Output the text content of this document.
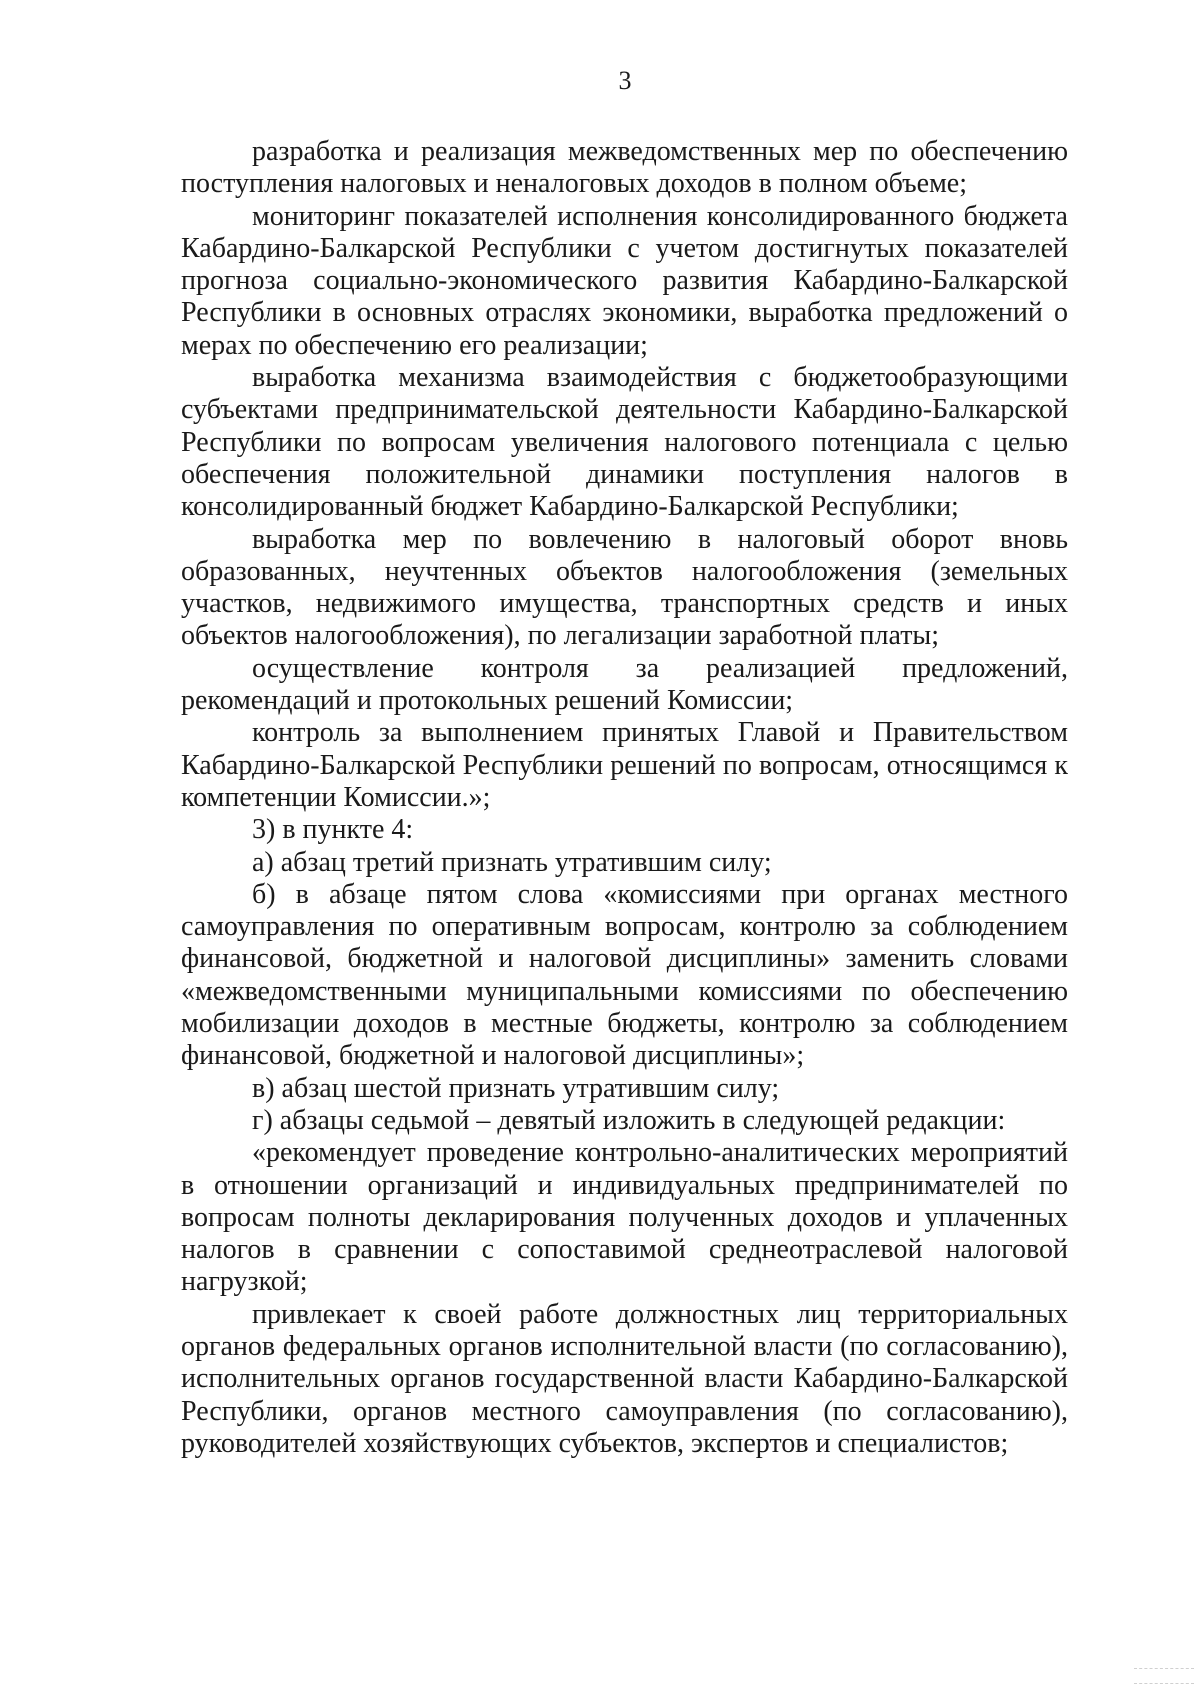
3

разработка и реализация межведомственных мер по обеспечению поступления налоговых и неналоговых доходов в полном объеме;

мониторинг показателей исполнения консолидированного бюджета Кабардино-Балкарской Республики с учетом достигнутых показателей прогноза социально-экономического развития Кабардино-Балкарской Республики в основных отраслях экономики, выработка предложений о мерах по обеспечению его реализации;

выработка механизма взаимодействия с бюджетообразующими субъектами предпринимательской деятельности Кабардино-Балкарской Республики по вопросам увеличения налогового потенциала с целью обеспечения положительной динамики поступления налогов в консолидированный бюджет Кабардино-Балкарской Республики;

выработка мер по вовлечению в налоговый оборот вновь образованных, неучтенных объектов налогообложения (земельных участков, недвижимого имущества, транспортных средств и иных объектов налогообложения), по легализации заработной платы;

осуществление контроля за реализацией предложений, рекомендаций и протокольных решений Комиссии;

контроль за выполнением принятых Главой и Правительством Кабардино-Балкарской Республики решений по вопросам, относящимся к компетенции Комиссии.»;

3) в пункте 4:

а) абзац третий признать утратившим силу;

б) в абзаце пятом слова «комиссиями при органах местного самоуправления по оперативным вопросам, контролю за соблюдением финансовой, бюджетной и налоговой дисциплины» заменить словами «межведомственными муниципальными комиссиями по обеспечению мобилизации доходов в местные бюджеты, контролю за соблюдением финансовой, бюджетной и налоговой дисциплины»;

в) абзац шестой признать утратившим силу;

г) абзацы седьмой – девятый изложить в следующей редакции:

«рекомендует проведение контрольно-аналитических мероприятий в отношении организаций и индивидуальных предпринимателей по вопросам полноты декларирования полученных доходов и уплаченных налогов в сравнении с сопоставимой среднеотраслевой налоговой нагрузкой;

привлекает к своей работе должностных лиц территориальных органов федеральных органов исполнительной власти (по согласованию), исполнительных органов государственной власти Кабардино-Балкарской Республики, органов местного самоуправления (по согласованию), руководителей хозяйствующих субъектов, экспертов и специалистов;
